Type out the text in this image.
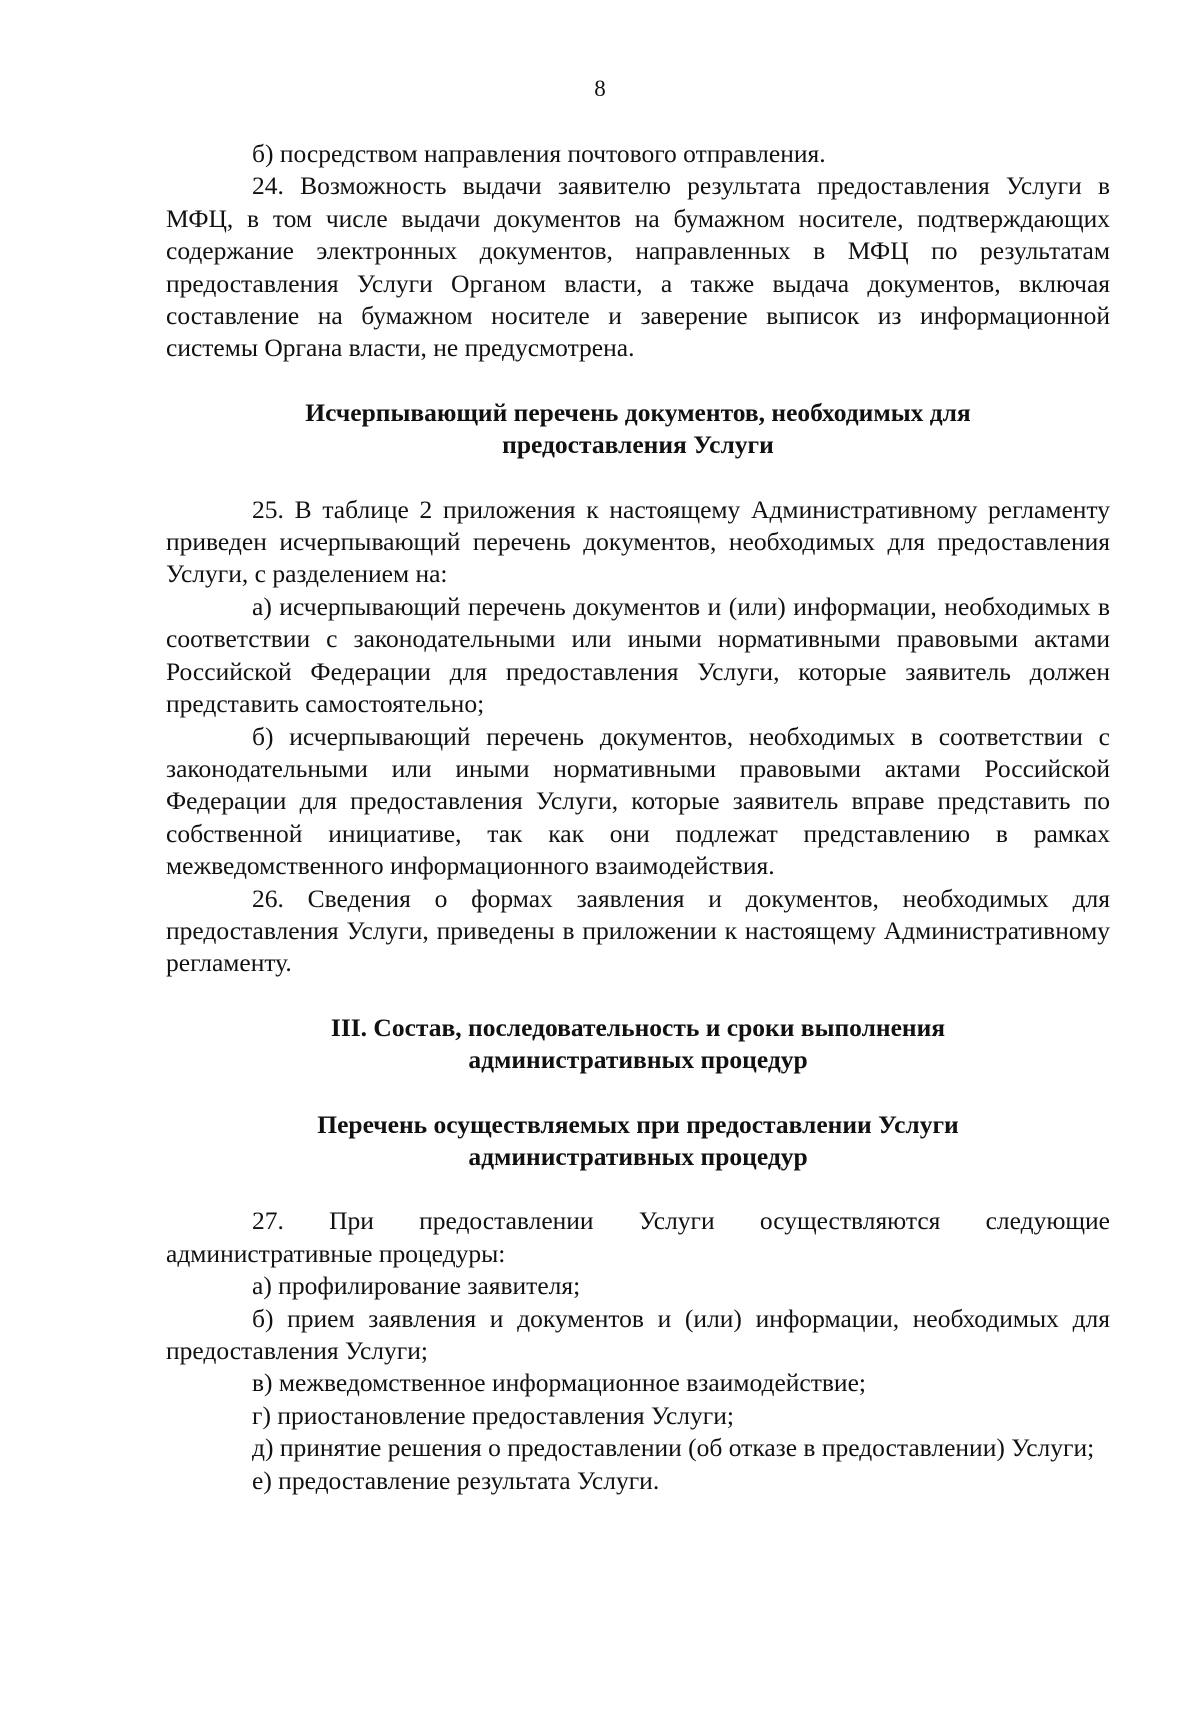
8

б) посредством направления почтового отправления.

24. Возможность выдачи заявителю результата предоставления Услуги в МФЦ, в том числе выдачи документов на бумажном носителе, подтверждающих содержание электронных документов, направленных в МФЦ по результатам предоставления Услуги Органом власти, а также выдача документов, включая составление на бумажном носителе и заверение выписок из информационной системы Органа власти, не предусмотрена.

Исчерпывающий перечень документов, необходимых для
предоставления Услуги

25. В таблице 2 приложения к настоящему Административному регламенту приведен исчерпывающий перечень документов, необходимых для предоставления Услуги, с разделением на:

а) исчерпывающий перечень документов и (или) информации, необходимых в соответствии с законодательными или иными нормативными правовыми актами Российской Федерации для предоставления Услуги, которые заявитель должен представить самостоятельно;

б) исчерпывающий перечень документов, необходимых в соответствии с законодательными или иными нормативными правовыми актами Российской Федерации для предоставления Услуги, которые заявитель вправе представить по собственной инициативе, так как они подлежат представлению в рамках межведомственного информационного взаимодействия.

26. Сведения о формах заявления и документов, необходимых для предоставления Услуги, приведены в приложении к настоящему Административному регламенту.

III. Состав, последовательность и сроки выполнения
административных процедур
Перечень осуществляемых при предоставлении Услуги
административных процедур

27. При предоставлении Услуги осуществляются следующие административные процедуры:

а) профилирование заявителя;

б) прием заявления и документов и (или) информации, необходимых для предоставления Услуги;

в) межведомственное информационное взаимодействие;

г) приостановление предоставления Услуги;

д) принятие решения о предоставлении (об отказе в предоставлении) Услуги;

е) предоставление результата Услуги.
